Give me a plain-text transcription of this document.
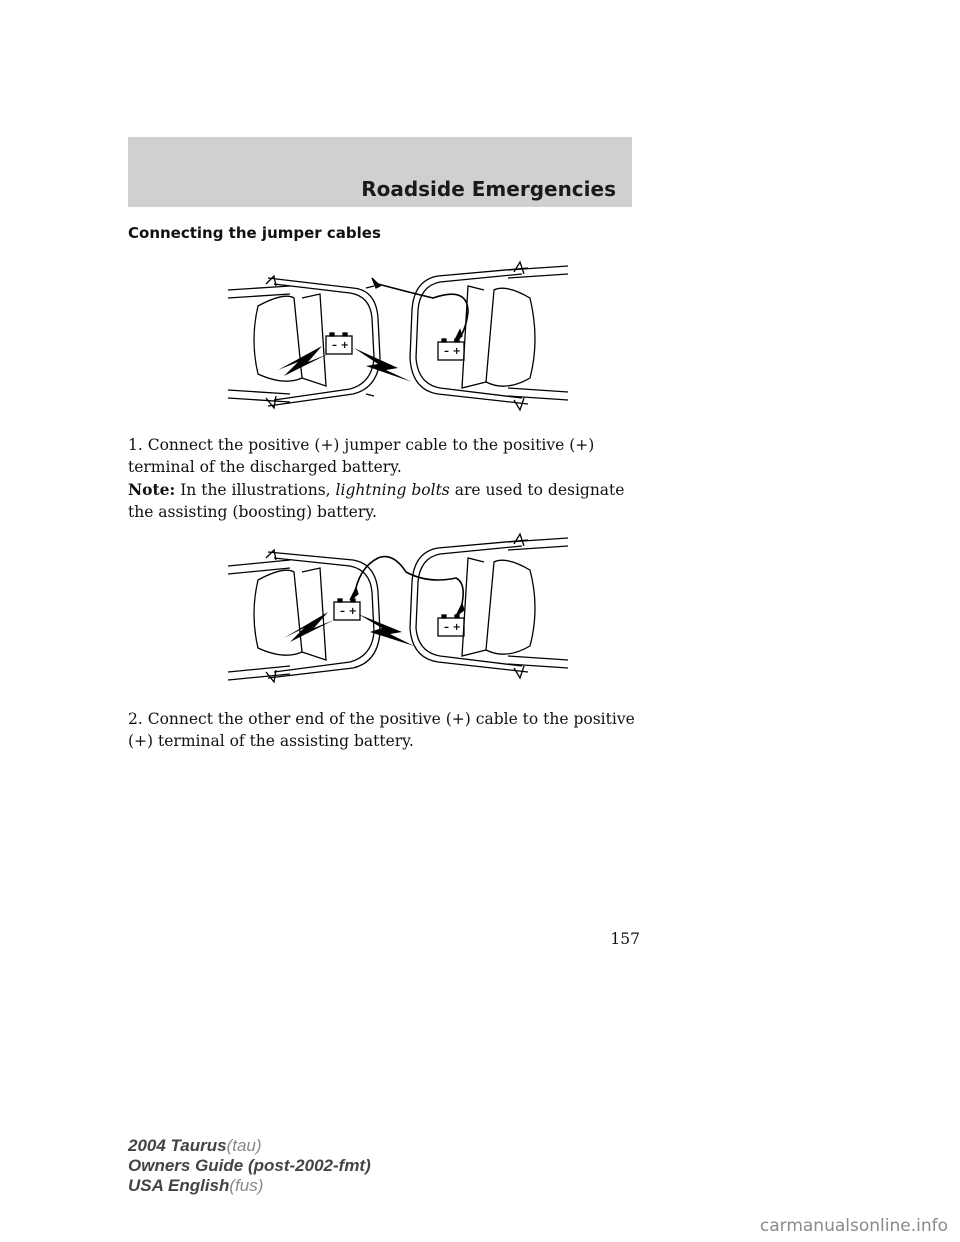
Roadside Emergencies
Connecting the jumper cables
– +
– +

1. Connect the positive (+) jumper cable to the positive (+) terminal of the discharged battery.

Note: In the illustrations, lightning bolts are used to designate the assisting (boosting) battery.

– +
– +

2. Connect the other end of the positive (+) cable to the positive (+) terminal of the assisting battery.

157
2004 Taurus(tau)
Owners Guide (post-2002-fmt)
USA English(fus)
carmanualsonline.info
